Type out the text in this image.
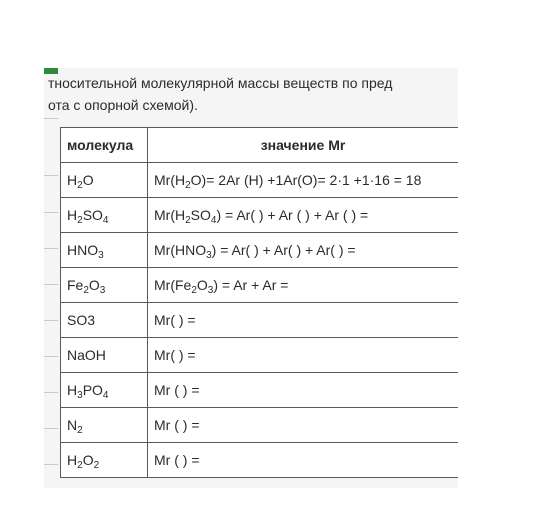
тносительной молекулярной массы веществ по пред
ота с опорной схемой).
молекула	значение Mr
$H_2O$	$Mr(H_2O)= 2Ar$ (H) +1Ar(O)= 2·1 +1·16 = 18
$H_2SO_4$	$Mr(H_2SO_4) = Ar$( ) + Ar ( ) + Ar ( ) =
$HNO_3$	$Mr(HNO_3) = Ar$( ) + Ar( ) + Ar( ) =
$Fe_2O_3$	$Mr(Fe_2O_3) = Ar + Ar$ =
SO3	Mr( ) =
NaOH	Mr( ) =
$H_3PO_4$	Mr ( ) =
$N_2$	Mr ( ) =
$H_2O_2$	Mr ( ) =
